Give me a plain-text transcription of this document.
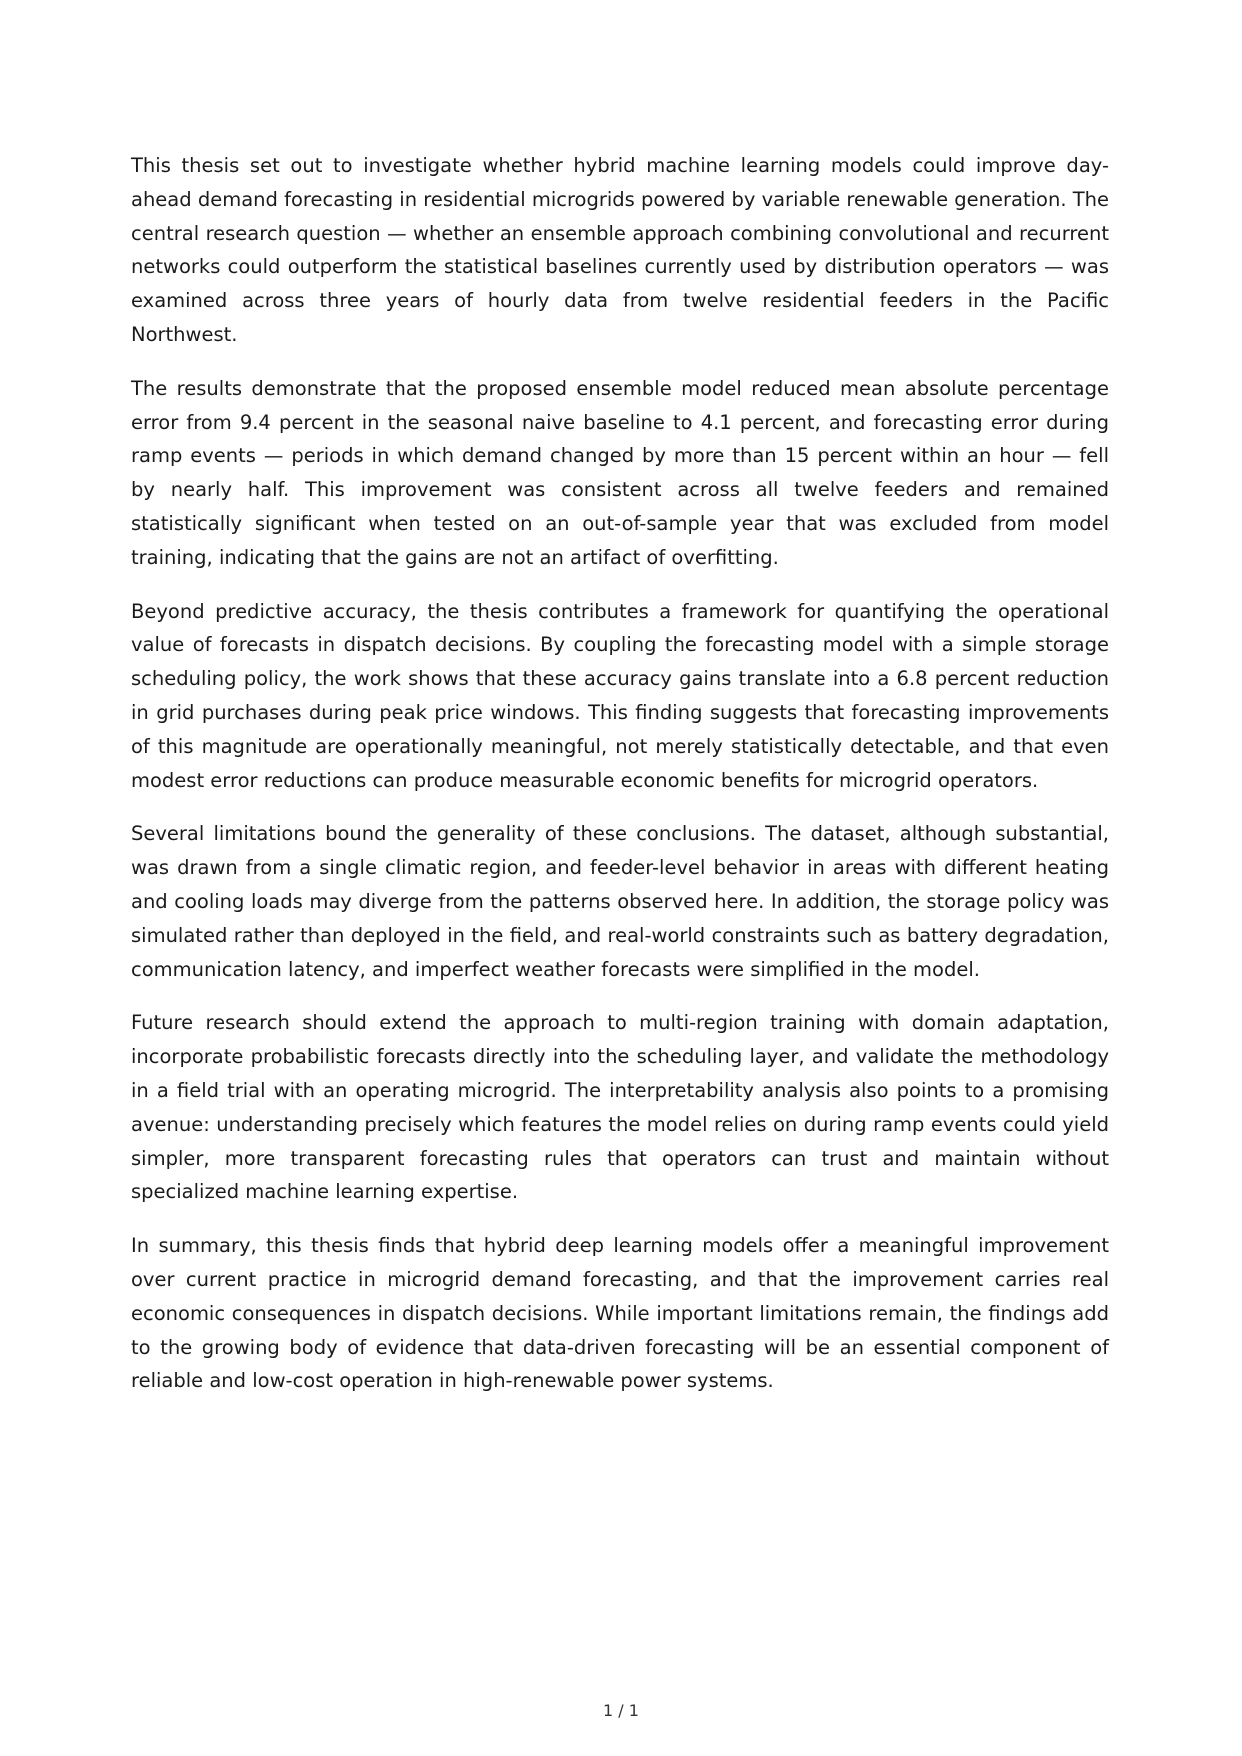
This thesis set out to investigate whether hybrid machine learning models could improve day-ahead demand forecasting in residential microgrids powered by variable renewable generation. The central research question — whether an ensemble approach combining convolutional and recurrent networks could outperform the statistical baselines currently used by distribution operators — was examined across three years of hourly data from twelve residential feeders in the Pacific Northwest.

The results demonstrate that the proposed ensemble model reduced mean absolute percentage error from 9.4 percent in the seasonal naive baseline to 4.1 percent, and forecasting error during ramp events — periods in which demand changed by more than 15 percent within an hour — fell by nearly half. This improvement was consistent across all twelve feeders and remained statistically significant when tested on an out-of-sample year that was excluded from model training, indicating that the gains are not an artifact of overfitting.

Beyond predictive accuracy, the thesis contributes a framework for quantifying the operational value of forecasts in dispatch decisions. By coupling the forecasting model with a simple storage scheduling policy, the work shows that these accuracy gains translate into a 6.8 percent reduction in grid purchases during peak price windows. This finding suggests that forecasting improvements of this magnitude are operationally meaningful, not merely statistically detectable, and that even modest error reductions can produce measurable economic benefits for microgrid operators.

Several limitations bound the generality of these conclusions. The dataset, although substantial, was drawn from a single climatic region, and feeder-level behavior in areas with different heating and cooling loads may diverge from the patterns observed here. In addition, the storage policy was simulated rather than deployed in the field, and real-world constraints such as battery degradation, communication latency, and imperfect weather forecasts were simplified in the model.

Future research should extend the approach to multi-region training with domain adaptation, incorporate probabilistic forecasts directly into the scheduling layer, and validate the methodology in a field trial with an operating microgrid. The interpretability analysis also points to a promising avenue: understanding precisely which features the model relies on during ramp events could yield simpler, more transparent forecasting rules that operators can trust and maintain without specialized machine learning expertise.

In summary, this thesis finds that hybrid deep learning models offer a meaningful improvement over current practice in microgrid demand forecasting, and that the improvement carries real economic consequences in dispatch decisions. While important limitations remain, the findings add to the growing body of evidence that data-driven forecasting will be an essential component of reliable and low-cost operation in high-renewable power systems.

1 / 1
